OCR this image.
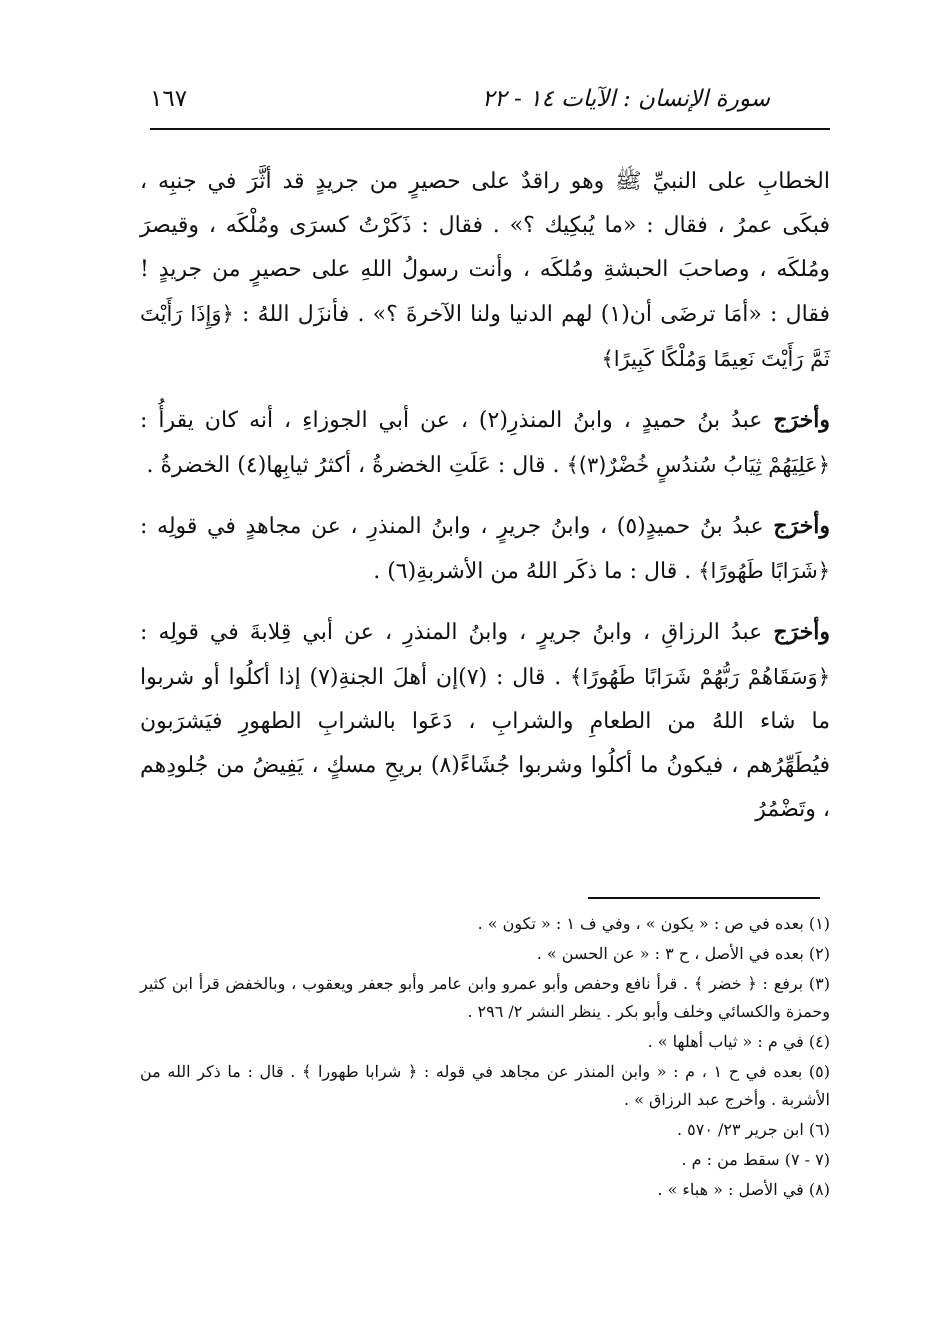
سورة الإنسان : الآيات ١٤ - ٢٢
١٦٧

الخطابِ على النبيِّ ﷺ وهو راقدٌ على حصيرٍ من جريدٍ قد أثَّرَ في جنبِه ، فبكَى عمرُ ، فقال : «ما يُبكِيك ؟» . فقال : ذَكَرْتُ كسرَى ومُلْكَه ، وقيصرَ ومُلكَه ، وصاحبَ الحبشةِ ومُلكَه ، وأنت رسولُ اللهِ على حصيرٍ من جريدٍ ! فقال : «أمَا ترضَى أن(١) لهم الدنيا ولنا الآخرةَ ؟» . فأنزَل اللهُ : ﴿وَإِذَا رَأَيْتَ ثَمَّ رَأَيْتَ نَعِيمًا وَمُلْكًا كَبِيرًا﴾

وأخرَج عبدُ بنُ حميدٍ ، وابنُ المنذرِ(٢) ، عن أبي الجوزاءِ ، أنه كان يقرأُ : ﴿عَلِيَهُمْ ثِيَابُ سُندُسٍ خُضْرٌ(٣)﴾ . قال : عَلَتِ الخضرةُ ، أكثرُ ثيابِها(٤) الخضرةُ .

وأخرَج عبدُ بنُ حميدٍ(٥) ، وابنُ جريرٍ ، وابنُ المنذرِ ، عن مجاهدٍ في قولِه : ﴿شَرَابًا طَهُورًا﴾ . قال : ما ذكَر اللهُ من الأشربةِ(٦) .

وأخرَج عبدُ الرزاقِ ، وابنُ جريرٍ ، وابنُ المنذرِ ، عن أبي قِلابةَ في قولِه : ﴿وَسَقَاهُمْ رَبُّهُمْ شَرَابًا طَهُورًا﴾ . قال : (٧)إن أهلَ الجنةِ(٧) إذا أكلُوا أو شربوا ما شاء اللهُ من الطعامِ والشرابِ ، دَعَوا بالشرابِ الطهورِ فيَشرَبون فيُطَهِّرُهم ، فيكونُ ما أكلُوا وشربوا جُشَاءً(٨) بريحِ مسكٍ ، يَفِيضُ من جُلودِهم ، وتَضْمُرُ

(١) بعده في ص : « يكون » ، وفي ف ١ : « تكون » .
(٢) بعده في الأصل ، ح ٣ : « عن الحسن » .
(٣) برفع : ﴿ خضر ﴾ . قرأ نافع وحفص وأبو عمرو وابن عامر وأبو جعفر ويعقوب ، وبالخفض قرأ ابن كثير وحمزة والكسائي وخلف وأبو بكر . ينظر النشر ٢/ ٢٩٦ .
(٤) في م : « ثياب أهلها » .
(٥) بعده في ح ١ ، م : « وابن المنذر عن مجاهد في قوله : ﴿ شرابا طهورا ﴾ . قال : ما ذكر الله من الأشربة . وأخرج عبد الرزاق » .
(٦) ابن جرير ٢٣/ ٥٧٠ .
(٧ - ٧) سقط من : م .
(٨) في الأصل : « هباء » .
